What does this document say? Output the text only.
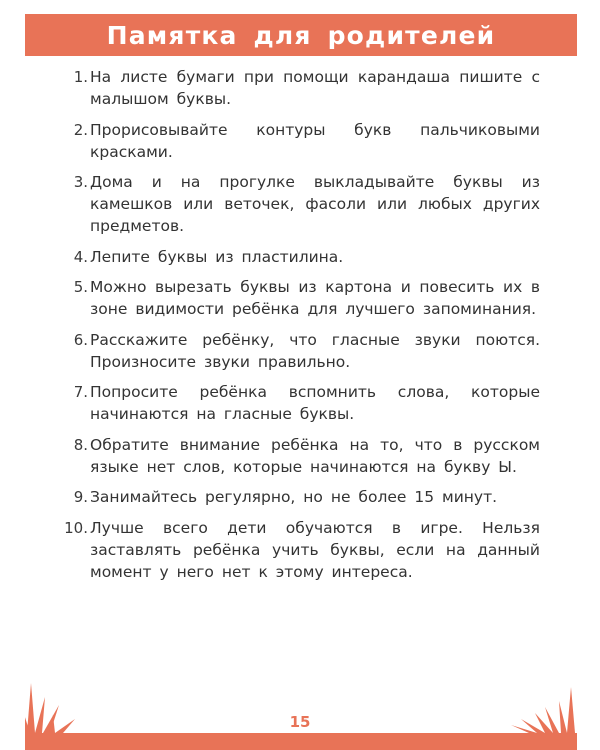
Памятка для родителей
1. На листе бумаги при помощи карандаша пишите с малышом буквы.
2. Прорисовывайте контуры букв пальчиковыми красками.
3. Дома и на прогулке выкладывайте буквы из камешков или веточек, фасоли или любых других предметов.
4. Лепите буквы из пластилина.
5. Можно вырезать буквы из картона и повесить их в зоне видимости ребёнка для лучшего запоминания.
6. Расскажите ребёнку, что гласные звуки поются. Произносите звуки правильно.
7. Попросите ребёнка вспомнить слова, которые начинаются на гласные буквы.
8. Обратите внимание ребёнка на то, что в русском языке нет слов, которые начинаются на букву Ы.
9. Занимайтесь регулярно, но не более 15 минут.
10. Лучше всего дети обучаются в игре. Нельзя заставлять ребёнка учить буквы, если на данный момент у него нет к этому интереса.
15
